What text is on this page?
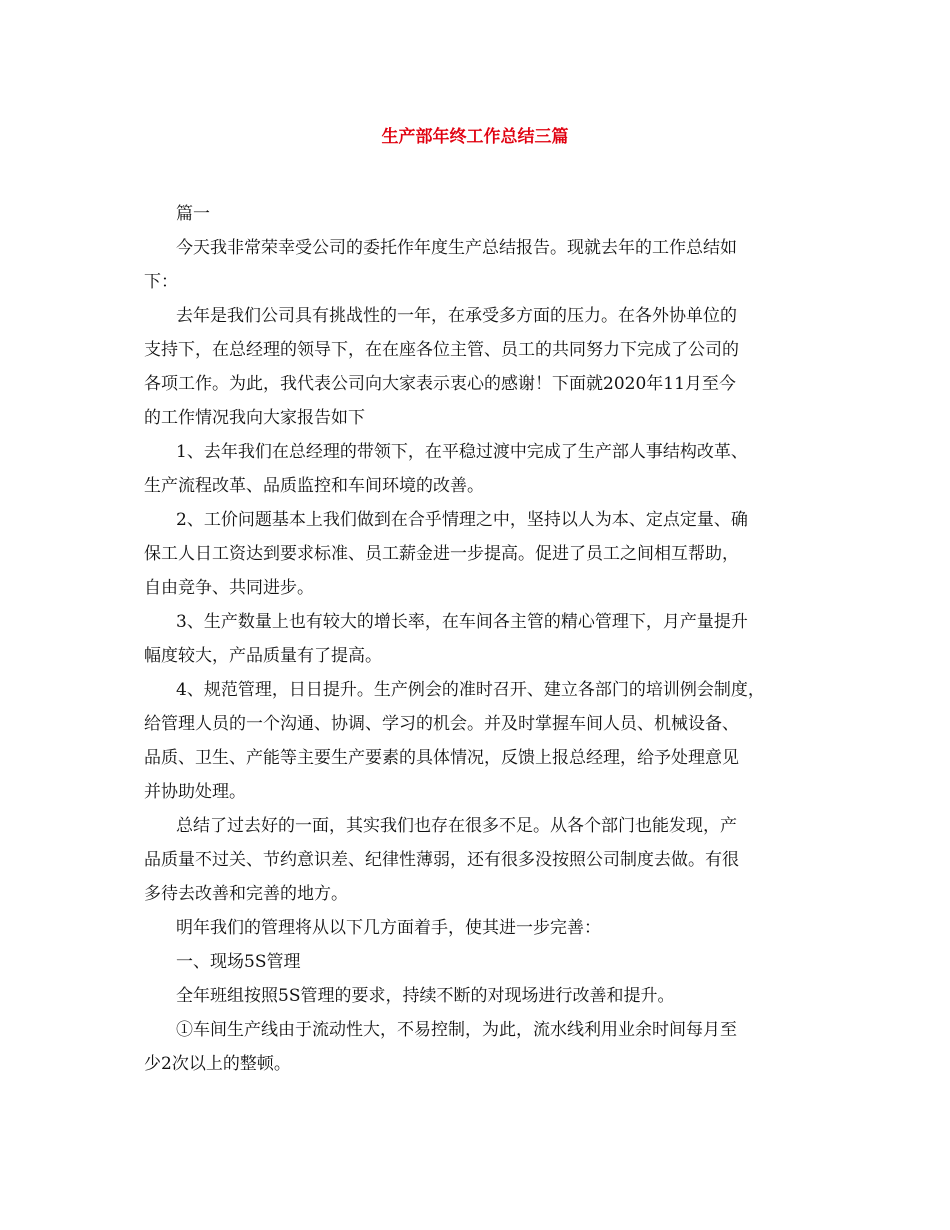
生产部年终工作总结三篇
篇一
今天我非常荣幸受公司的委托作年度生产总结报告。现就去年的工作总结如
下：
去年是我们公司具有挑战性的一年，在承受多方面的压力。在各外协单位的
支持下，在总经理的领导下，在在座各位主管、员工的共同努力下完成了公司的
各项工作。为此，我代表公司向大家表示衷心的感谢！下面就2020年11月至今
的工作情况我向大家报告如下
1、去年我们在总经理的带领下，在平稳过渡中完成了生产部人事结构改革、
生产流程改革、品质监控和车间环境的改善。
2、工价问题基本上我们做到在合乎情理之中，坚持以人为本、定点定量、确
保工人日工资达到要求标准、员工薪金进一步提高。促进了员工之间相互帮助，
自由竞争、共同进步。
3、生产数量上也有较大的增长率，在车间各主管的精心管理下，月产量提升
幅度较大，产品质量有了提高。
4、规范管理，日日提升。生产例会的准时召开、建立各部门的培训例会制度，
给管理人员的一个沟通、协调、学习的机会。并及时掌握车间人员、机械设备、
品质、卫生、产能等主要生产要素的具体情况，反馈上报总经理，给予处理意见
并协助处理。
总结了过去好的一面，其实我们也存在很多不足。从各个部门也能发现，产
品质量不过关、节约意识差、纪律性薄弱，还有很多没按照公司制度去做。有很
多待去改善和完善的地方。
明年我们的管理将从以下几方面着手，使其进一步完善：
一、现场5S管理
全年班组按照5S管理的要求，持续不断的对现场进行改善和提升。
①车间生产线由于流动性大，不易控制，为此，流水线利用业余时间每月至
少2次以上的整顿。
